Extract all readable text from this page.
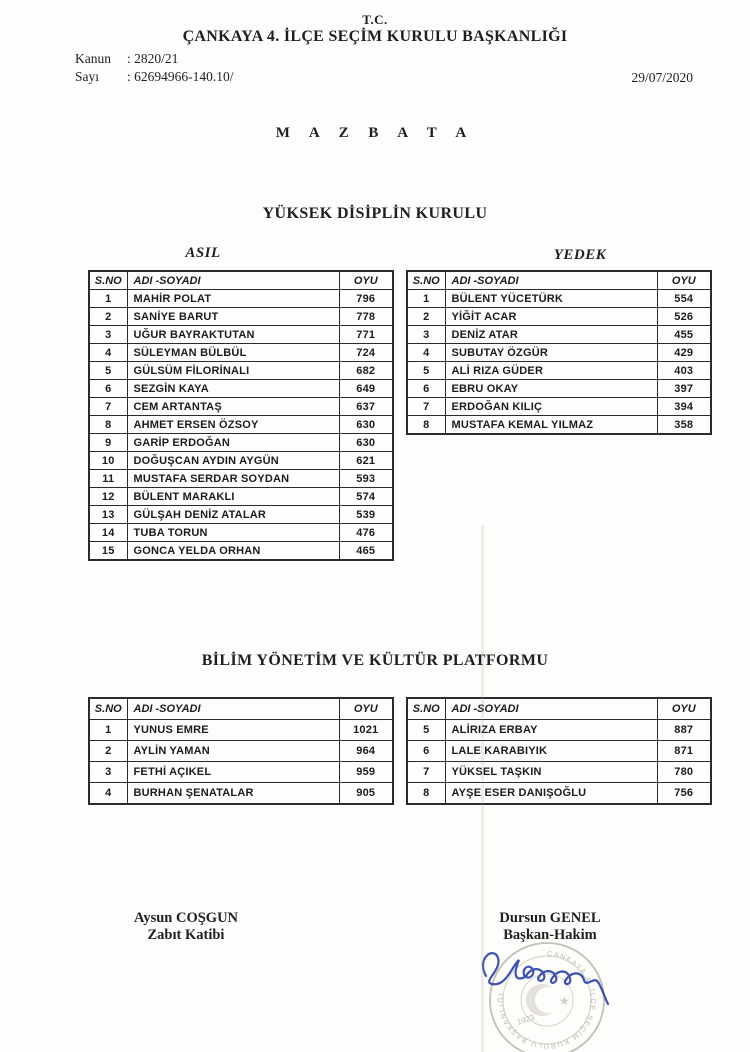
T.C.
ÇANKAYA 4. İLÇE SEÇİM KURULU BAŞKANLIĞI
Kanun : 2820/21
Sayı : 62694966-140.10/	29/07/2020
M A Z B A T A
YÜKSEK DİSİPLİN KURULU
ASIL	YEDEK
S.NO	ADI -SOYADI	OYU
1	MAHİR POLAT	796
2	SANİYE BARUT	778
3	UĞUR BAYRAKTUTAN	771
4	SÜLEYMAN BÜLBÜL	724
5	GÜLSÜM FİLORİNALI	682
6	SEZGİN KAYA	649
7	CEM ARTANTAŞ	637
8	AHMET ERSEN ÖZSOY	630
9	GARİP ERDOĞAN	630
10	DOĞUŞCAN AYDIN AYGÜN	621
11	MUSTAFA SERDAR SOYDAN	593
12	BÜLENT MARAKLI	574
13	GÜLŞAH DENİZ ATALAR	539
14	TUBA TORUN	476
15	GONCA YELDA ORHAN	465
S.NO	ADI -SOYADI	OYU
1	BÜLENT YÜCETÜRK	554
2	YİĞİT ACAR	526
3	DENİZ ATAR	455
4	SUBUTAY ÖZGÜR	429
5	ALİ RIZA GÜDER	403
6	EBRU OKAY	397
7	ERDOĞAN KILIÇ	394
8	MUSTAFA KEMAL YILMAZ	358
BİLİM YÖNETİM VE KÜLTÜR PLATFORMU
S.NO	ADI -SOYADI	OYU
1	YUNUS EMRE	1021
2	AYLİN YAMAN	964
3	FETHİ AÇIKEL	959
4	BURHAN ŞENATALAR	905
S.NO	ADI -SOYADI	OYU
5	ALİRIZA ERBAY	887
6	LALE KARABIYIK	871
7	YÜKSEL TAŞKIN	780
8	AYŞE ESER DANIŞOĞLU	756
Aysun COŞGUN
Zabıt Katibi
Dursun GENEL
Başkan-Hakim
ÇANKAYA 4. İLÇE SEÇİM KURULU BAŞKANLIĞI
★
1923
